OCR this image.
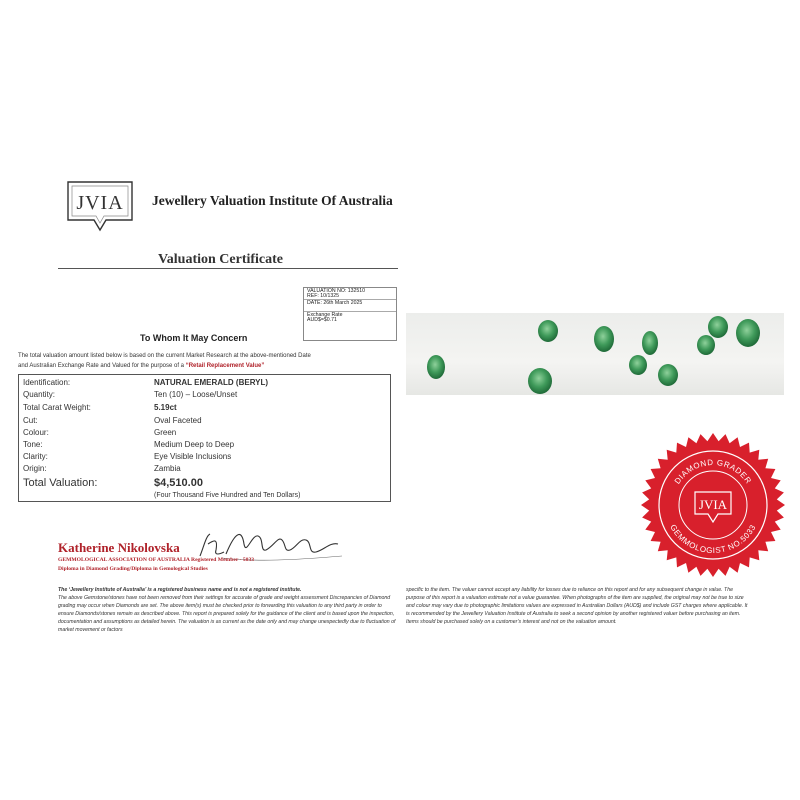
JVIA Jewellery Valuation Institute Of Australia
Valuation Certificate
VALUATION NO: 132510
REF: 10/1325
DATE: 26th March 2025
Exchange Rate
AUD$=$0.71
To Whom It May Concern
The total valuation amount listed below is based on the current Market Research at the above-mentioned Date
and Australian Exchange Rate and Valued for the purpose of a “Retail Replacement Value”
Identification:	NATURAL EMERALD (BERYL)
Quantity:	Ten (10) – Loose/Unset
Total Carat Weight:	5.19ct
Cut:	Oval Faceted
Colour:	Green
Tone:	Medium Deep to Deep
Clarity:	Eye Visible Inclusions
Origin:	Zambia
Total Valuation:	$4,510.00
(Four Thousand Five Hundred and Ten Dollars)
Katherine Nikolovska
GEMMOLOGICAL ASSOCIATION OF AUSTRALIA Registered Member - 5033
Diploma in Diamond Grading/Diploma in Gemological Studies
The ‘Jewellery Institute of Australia’ is a registered business name and is not a registered institute.
The above Gemstone/stones have not been removed from their settings for accurate of grade and weight assessment Discrepancies of Diamond grading may occur when Diamonds are set. The above item(s) must be checked prior to forwarding this valuation to any third party in order to ensure Diamonds/stones remain as described above. This report is prepared solely for the guidance of the client and is based upon the inspection, documentation and assumptions as detailed herein. The valuation is as current as the date only and may change unexpectedly due to fluctuation of market movement or factors
specific to the item. The valuer cannot accept any liability for losses due to reliance on this report and for any subsequent change in value. The purpose of this report is a valuation estimate not a value guarantee. When photographs of the item are supplied, the original may not be true to size and colour may vary due to photographic limitations values are expressed in Australian Dollars (AUD$) and include GST charges where applicable. It is recommended by the Jewellery Valuation Institute of Australia to seek a second opinion by another registered valuer before purchasing an item. Items should be purchased solely on a customer’s interest and not on the valuation amount.
JVIA
DIAMOND GRADER
GEMMOLOGIST NO.5033
